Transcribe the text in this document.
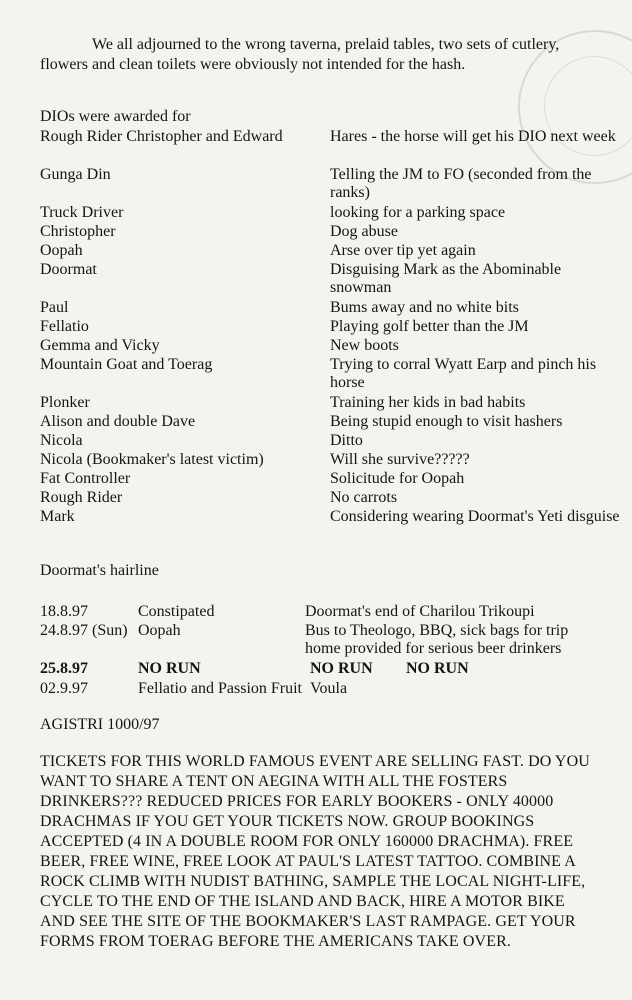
We all adjourned to the wrong taverna, prelaid tables, two sets of cutlery, flowers and clean toilets were obviously not intended for the hash.
DIOs were awarded for
Rough Rider Christopher and Edward	Hares - the horse will get his DIO next week
Gunga Din	Telling the JM to FO (seconded from the ranks)
Truck Driver	looking for a parking space
Christopher	Dog abuse
Oopah	Arse over tip yet again
Doormat	Disguising Mark as the Abominable snowman
Paul	Bums away and no white bits
Fellatio	Playing golf better than the JM
Gemma and Vicky	New boots
Mountain Goat and Toerag	Trying to corral Wyatt Earp and pinch his horse
Plonker	Training her kids in bad habits
Alison and double Dave	Being stupid enough to visit hashers
Nicola	Ditto
Nicola (Bookmaker's latest victim)	Will she survive?????
Fat Controller	Solicitude for Oopah
Rough Rider	No carrots
Mark	Considering wearing Doormat's Yeti disguise
Doormat's hairline
18.8.97	Constipated	Doormat's end of Charilou Trikoupi
24.8.97 (Sun) Oopah	Bus to Theologo, BBQ, sick bags for trip home provided for serious beer drinkers
25.8.97	NO RUN	NO RUN NO RUN
02.9.97	Fellatio and Passion Fruit Voula
AGISTRI 1000/97
TICKETS FOR THIS WORLD FAMOUS EVENT ARE SELLING FAST. DO YOU WANT TO SHARE A TENT ON AEGINA WITH ALL THE FOSTERS DRINKERS??? REDUCED PRICES FOR EARLY BOOKERS - ONLY 40000 DRACHMAS IF YOU GET YOUR TICKETS NOW. GROUP BOOKINGS ACCEPTED (4 IN A DOUBLE ROOM FOR ONLY 160000 DRACHMA). FREE BEER, FREE WINE, FREE LOOK AT PAUL'S LATEST TATTOO. COMBINE A ROCK CLIMB WITH NUDIST BATHING, SAMPLE THE LOCAL NIGHT-LIFE, CYCLE TO THE END OF THE ISLAND AND BACK, HIRE A MOTOR BIKE AND SEE THE SITE OF THE BOOKMAKER'S LAST RAMPAGE. GET YOUR FORMS FROM TOERAG BEFORE THE AMERICANS TAKE OVER.
